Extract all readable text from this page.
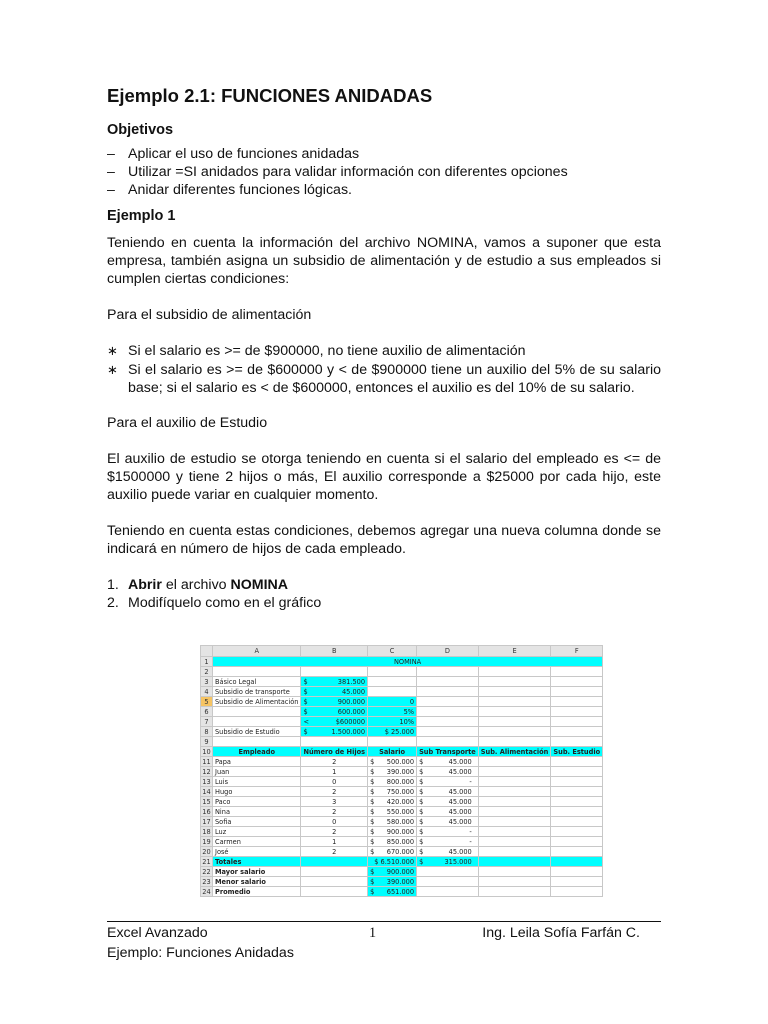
Ejemplo 2.1: FUNCIONES ANIDADAS
Objetivos
– Aplicar el uso de funciones anidadas
– Utilizar =SI anidados para validar información con diferentes opciones
– Anidar diferentes funciones lógicas.
Ejemplo 1

Teniendo en cuenta la información del archivo NOMINA, vamos a suponer que esta empresa, también asigna un subsidio de alimentación y de estudio a sus empleados si cumplen ciertas condiciones:

Para el subsidio de alimentación

∗ Si el salario es >= de $900000, no tiene auxilio de alimentación
∗ Si el salario es >= de $600000 y < de $900000 tiene un auxilio del 5% de su salario base; si el salario es < de $600000, entonces el auxilio es del 10% de su salario.

Para el auxilio de Estudio

El auxilio de estudio se otorga teniendo en cuenta si el salario del empleado es <= de $1500000 y tiene 2 hijos o más, El auxilio corresponde a $25000 por cada hijo, este auxilio puede variar en cualquier momento.

Teniendo en cuenta estas condiciones, debemos agregar una nueva columna donde se indicará en número de hijos de cada empleado.

1. Abrir el archivo NOMINA
2. Modifíquelo como en el gráfico
	A	B	C	D	E	F
1	NOMINA					
2						
3	Básico Legal	$ 381.500				

4	Subsidio de transporte	$ 45.000				

5	Subsidio de Alimentación	$ 900.000	0			
6		$ 600.000	5%			
7		< $600000	10%			
8	Subsidio de Estudio	$ 1.500.000	$ 25.000			
9						
10	Empleado	Número de Hijos	Salario	Sub Transporte	Sub. Alimentación	Sub. Estudio
11	Papa	2	$ 500.000	$ 45.000		

12	Juan	1	$ 390.000	$ 45.000		

13	Luis	0	$ 800.000	$ -		

14	Hugo	2	$ 750.000	$ 45.000		

15	Paco	3	$ 420.000	$ 45.000		

16	Nina	2	$ 550.000	$ 45.000		

17	Sofia	0	$ 580.000	$ 45.000		

18	Luz	2	$ 900.000	$ -		

19	Carmen	1	$ 850.000	$ -		

20	José	2	$ 670.000	$ 45.000		

21	Totales		$ 6.510.000	$ 315.000		

22	Mayor salario		$ 900.000			

23	Menor salario		$ 390.000			

24	Promedio		$ 651.000			

Excel Avanzado	1	Ing. Leila Sofía Farfán C.
Ejemplo: Funciones Anidadas
